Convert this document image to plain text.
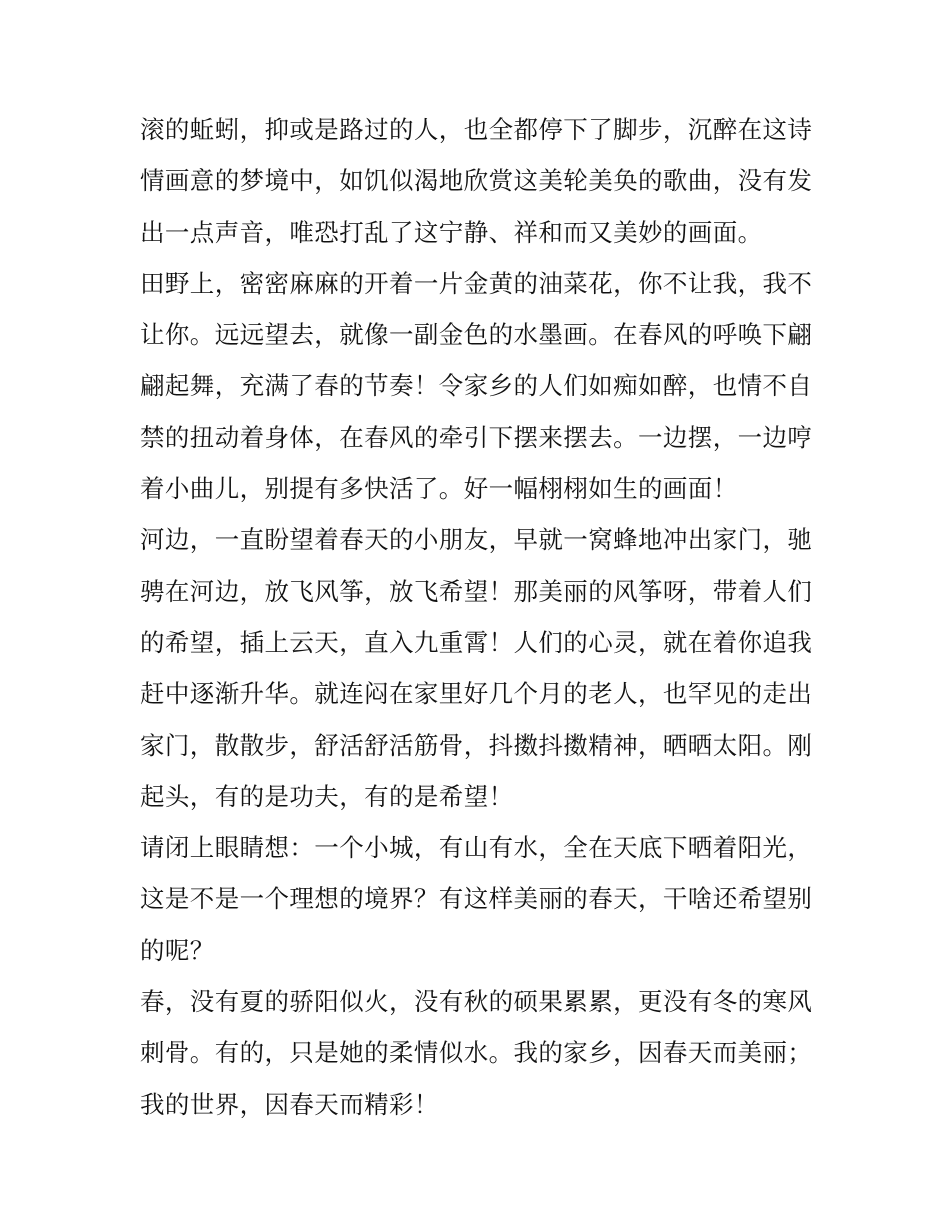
滚的蚯蚓，抑或是路过的人，也全都停下了脚步，沉醉在这诗
情画意的梦境中，如饥似渴地欣赏这美轮美奂的歌曲，没有发
出一点声音，唯恐打乱了这宁静、祥和而又美妙的画面。
田野上，密密麻麻的开着一片金黄的油菜花，你不让我，我不
让你。远远望去，就像一副金色的水墨画。在春风的呼唤下翩
翩起舞，充满了春的节奏！令家乡的人们如痴如醉，也情不自
禁的扭动着身体，在春风的牵引下摆来摆去。一边摆，一边哼
着小曲儿，别提有多快活了。好一幅栩栩如生的画面！
河边，一直盼望着春天的小朋友，早就一窝蜂地冲出家门，驰
骋在河边，放飞风筝，放飞希望！那美丽的风筝呀，带着人们
的希望，插上云天，直入九重霄！人们的心灵，就在着你追我
赶中逐渐升华。就连闷在家里好几个月的老人，也罕见的走出
家门，散散步，舒活舒活筋骨，抖擞抖擞精神，晒晒太阳。刚
起头，有的是功夫，有的是希望！
请闭上眼睛想：一个小城，有山有水，全在天底下晒着阳光，
这是不是一个理想的境界？有这样美丽的春天，干啥还希望别
的呢？
春，没有夏的骄阳似火，没有秋的硕果累累，更没有冬的寒风
刺骨。有的，只是她的柔情似水。我的家乡，因春天而美丽；
我的世界，因春天而精彩！
